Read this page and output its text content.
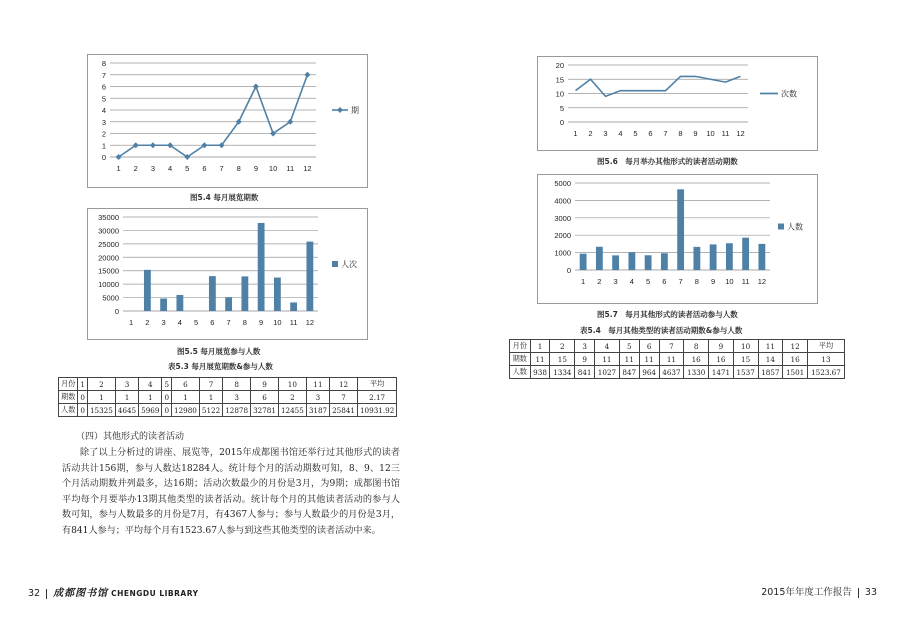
0
1
2
3
4
5
6
7
8
1 2 3 4 5 6 7 8 9 10 11 12
期
图5.4 每月展览期数
0
5000
10000
15000
20000
25000
30000
35000
1 2 3 4 5 6 7 8 9 10 11 12
人次
图5.5 每月展览参与人数
表5.3 每月展览期数&参与人数
月份	1	2	3	4	5	6	7	8	9	10	11	12	平均
期数	0	1	1	1	0	1	1	3	6	2	3	7	2.17
人数	0	15325	4645	5969	0	12980	5122	12878	32781	12455	3187	25841	10931.92
0
5
10
15
20
1 2 3 4 5 6 7 8 9 10 11 12
次数
图5.6　每月举办其他形式的读者活动期数
0
1000
2000
3000
4000
5000
1 2 3 4 5 6 7 8 9 10 11 12
人数
图5.7　每月其他形式的读者活动参与人数
表5.4　每月其他类型的读者活动期数&参与人数
月份	1	2	3	4	5	6	7	8	9	10	11	12	平均
期数	11	15	9	11	11	11	11	16	16	15	14	16	13
人数	938	1334	841	1027	847	964	4637	1330	1471	1537	1857	1501	1523.67
（四）其他形式的读者活动
除了以上分析过的讲座、展览等，2015年成都图书馆还举行过其他形式的读者活动共计156期，参与人数达18284人。统计每个月的活动期数可知，8、9、12三个月活动期数并列最多，达16期；活动次数最少的月份是3月，为9期；成都图书馆平均每个月要举办13期其他类型的读者活动。统计每个月的其他读者活动的参与人数可知，参与人数最多的月份是7月，有4367人参与；参与人数最少的月份是3月，有841人参与；平均每个月有1523.67人参与到这些其他类型的读者活动中来。
32 成都图书馆 CHENGDU LIBRARY	2015年年度工作报告 33
